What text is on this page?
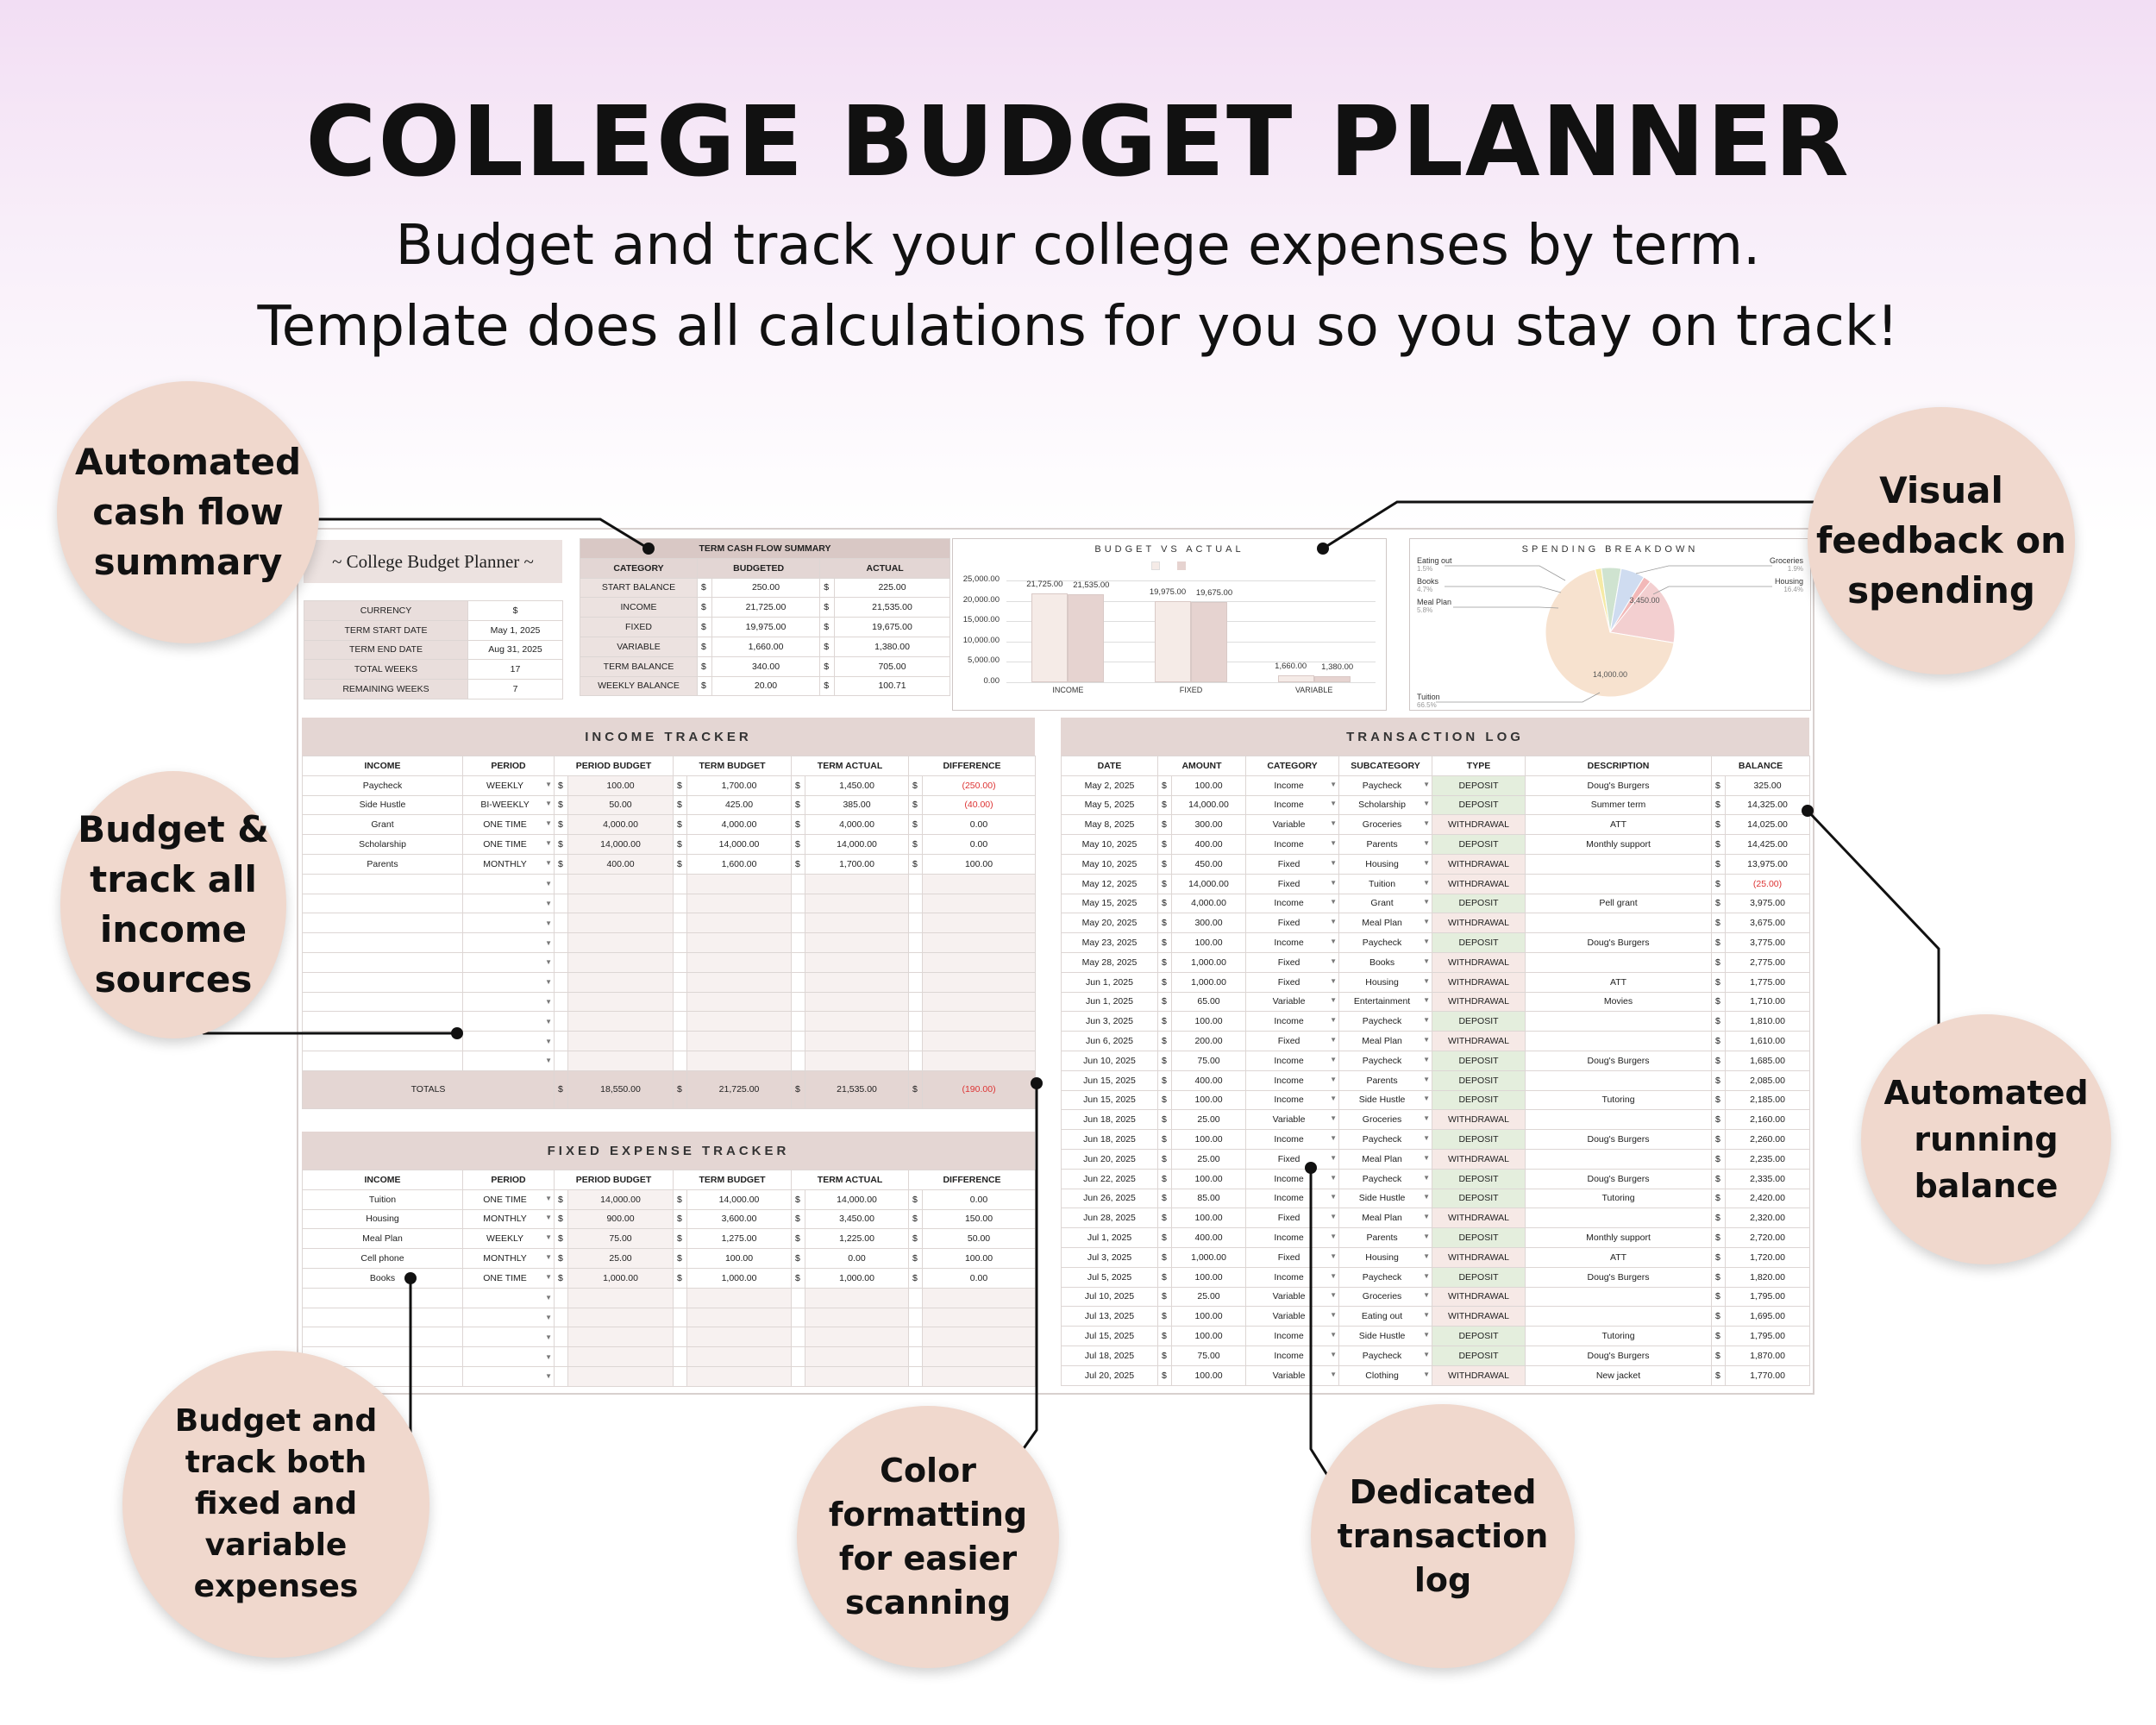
COLLEGE BUDGET PLANNER
Budget and track your college expenses by term.
Template does all calculations for you so you stay on track!
~ College Budget Planner ~
CURRENCY	$
TERM START DATE	May 1, 2025
TERM END DATE	Aug 31, 2025
TOTAL WEEKS	17
REMAINING WEEKS	7
TERM CASH FLOW SUMMARY				
CATEGORY	BUDGETED		ACTUAL	
START BALANCE	$	250.00	$	225.00
INCOME	$	21,725.00	$	21,535.00
FIXED	$	19,975.00	$	19,675.00
VARIABLE	$	1,660.00	$	1,380.00
TERM BALANCE	$	340.00	$	705.00
WEEKLY BALANCE	$	20.00	$	100.71
BUDGET VS ACTUAL
25,000.00
20,000.00
15,000.00
10,000.00
5,000.00
0.00
21,725.00	21,535.00
INCOME
19,975.00	19,675.00
FIXED
1,660.00	1,380.00
VARIABLE
SPENDING BREAKDOWN
Eating out
Books
Meal Plan
1.5%
4.7%
5.8%
Groceries
1.9%
Housing
16.4%
Tuition
66.5%
3,450.00
14,000.00
INCOME TRACKER
INCOME	PERIOD	PERIOD BUDGET		TERM BUDGET		TERM ACTUAL		DIFFERENCE	
Paycheck	WEEKLY ▼	$	100.00	$	1,700.00	$	1,450.00	$	(250.00)
Side Hustle	BI-WEEKLY ▼	$	50.00	$	425.00	$	385.00	$	(40.00)
Grant	ONE TIME ▼	$	4,000.00	$	4,000.00	$	4,000.00	$	0.00
Scholarship	ONE TIME ▼	$	14,000.00	$	14,000.00	$	14,000.00	$	0.00
Parents	MONTHLY ▼	$	400.00	$	1,600.00	$	1,700.00	$	100.00

	▼								

	▼								

	▼								

	▼								

	▼								

	▼								

	▼								

	▼								

	▼								

	▼								

TOTALS		$	18,550.00	$	21,725.00	$	21,535.00	$	(190.00)
FIXED EXPENSE TRACKER
INCOME	PERIOD	PERIOD BUDGET		TERM BUDGET		TERM ACTUAL		DIFFERENCE	
Tuition	ONE TIME ▼	$	14,000.00	$	14,000.00	$	14,000.00	$	0.00
Housing	MONTHLY ▼	$	900.00	$	3,600.00	$	3,450.00	$	150.00
Meal Plan	WEEKLY ▼	$	75.00	$	1,275.00	$	1,225.00	$	50.00
Cell phone	MONTHLY ▼	$	25.00	$	100.00	$	0.00	$	100.00
Books	ONE TIME ▼	$	1,000.00	$	1,000.00	$	1,000.00	$	0.00

	▼								

	▼								

	▼								

	▼								

	▼								

TRANSACTION LOG
DATE	AMOUNT		CATEGORY	SUBCATEGORY	TYPE	DESCRIPTION	BALANCE	
May 2, 2025	$	100.00	Income ▼	Paycheck ▼	DEPOSIT	Doug's Burgers	$	325.00
May 5, 2025	$	14,000.00	Income ▼	Scholarship ▼	DEPOSIT	Summer term	$	14,325.00
May 8, 2025	$	300.00	Variable ▼	Groceries ▼	WITHDRAWAL	ATT	$	14,025.00
May 10, 2025	$	400.00	Income ▼	Parents ▼	DEPOSIT	Monthly support	$	14,425.00
May 10, 2025	$	450.00	Fixed ▼	Housing ▼	WITHDRAWAL		$	13,975.00
May 12, 2025	$	14,000.00	Fixed ▼	Tuition ▼	WITHDRAWAL		$	(25.00)
May 15, 2025	$	4,000.00	Income ▼	Grant ▼	DEPOSIT	Pell grant	$	3,975.00
May 20, 2025	$	300.00	Fixed ▼	Meal Plan ▼	WITHDRAWAL		$	3,675.00
May 23, 2025	$	100.00	Income ▼	Paycheck ▼	DEPOSIT	Doug's Burgers	$	3,775.00
May 28, 2025	$	1,000.00	Fixed ▼	Books ▼	WITHDRAWAL		$	2,775.00
Jun 1, 2025	$	1,000.00	Fixed ▼	Housing ▼	WITHDRAWAL	ATT	$	1,775.00
Jun 1, 2025	$	65.00	Variable ▼	Entertainment ▼	WITHDRAWAL	Movies	$	1,710.00
Jun 3, 2025	$	100.00	Income ▼	Paycheck ▼	DEPOSIT		$	1,810.00
Jun 6, 2025	$	200.00	Fixed ▼	Meal Plan ▼	WITHDRAWAL		$	1,610.00
Jun 10, 2025	$	75.00	Income ▼	Paycheck ▼	DEPOSIT	Doug's Burgers	$	1,685.00
Jun 15, 2025	$	400.00	Income ▼	Parents ▼	DEPOSIT		$	2,085.00
Jun 15, 2025	$	100.00	Income ▼	Side Hustle ▼	DEPOSIT	Tutoring	$	2,185.00
Jun 18, 2025	$	25.00	Variable ▼	Groceries ▼	WITHDRAWAL		$	2,160.00
Jun 18, 2025	$	100.00	Income ▼	Paycheck ▼	DEPOSIT	Doug's Burgers	$	2,260.00
Jun 20, 2025	$	25.00	Fixed ▼	Meal Plan ▼	WITHDRAWAL		$	2,235.00
Jun 22, 2025	$	100.00	Income ▼	Paycheck ▼	DEPOSIT	Doug's Burgers	$	2,335.00
Jun 26, 2025	$	85.00	Income ▼	Side Hustle ▼	DEPOSIT	Tutoring	$	2,420.00
Jun 28, 2025	$	100.00	Fixed ▼	Meal Plan ▼	WITHDRAWAL		$	2,320.00
Jul 1, 2025	$	400.00	Income ▼	Parents ▼	DEPOSIT	Monthly support	$	2,720.00
Jul 3, 2025	$	1,000.00	Fixed ▼	Housing ▼	WITHDRAWAL	ATT	$	1,720.00
Jul 5, 2025	$	100.00	Income ▼	Paycheck ▼	DEPOSIT	Doug's Burgers	$	1,820.00
Jul 10, 2025	$	25.00	Variable ▼	Groceries ▼	WITHDRAWAL		$	1,795.00
Jul 13, 2025	$	100.00	Variable ▼	Eating out ▼	WITHDRAWAL		$	1,695.00
Jul 15, 2025	$	100.00	Income ▼	Side Hustle ▼	DEPOSIT	Tutoring	$	1,795.00
Jul 18, 2025	$	75.00	Income ▼	Paycheck ▼	DEPOSIT	Doug's Burgers	$	1,870.00
Jul 20, 2025	$	100.00	Variable ▼	Clothing ▼	WITHDRAWAL	New jacket	$	1,770.00
Automated cash flow summary
Visual feedback on spending
Budget & track all income sources
Automated running balance
Budget and track both fixed and variable expenses
Color formatting for easier scanning
Dedicated transaction log
